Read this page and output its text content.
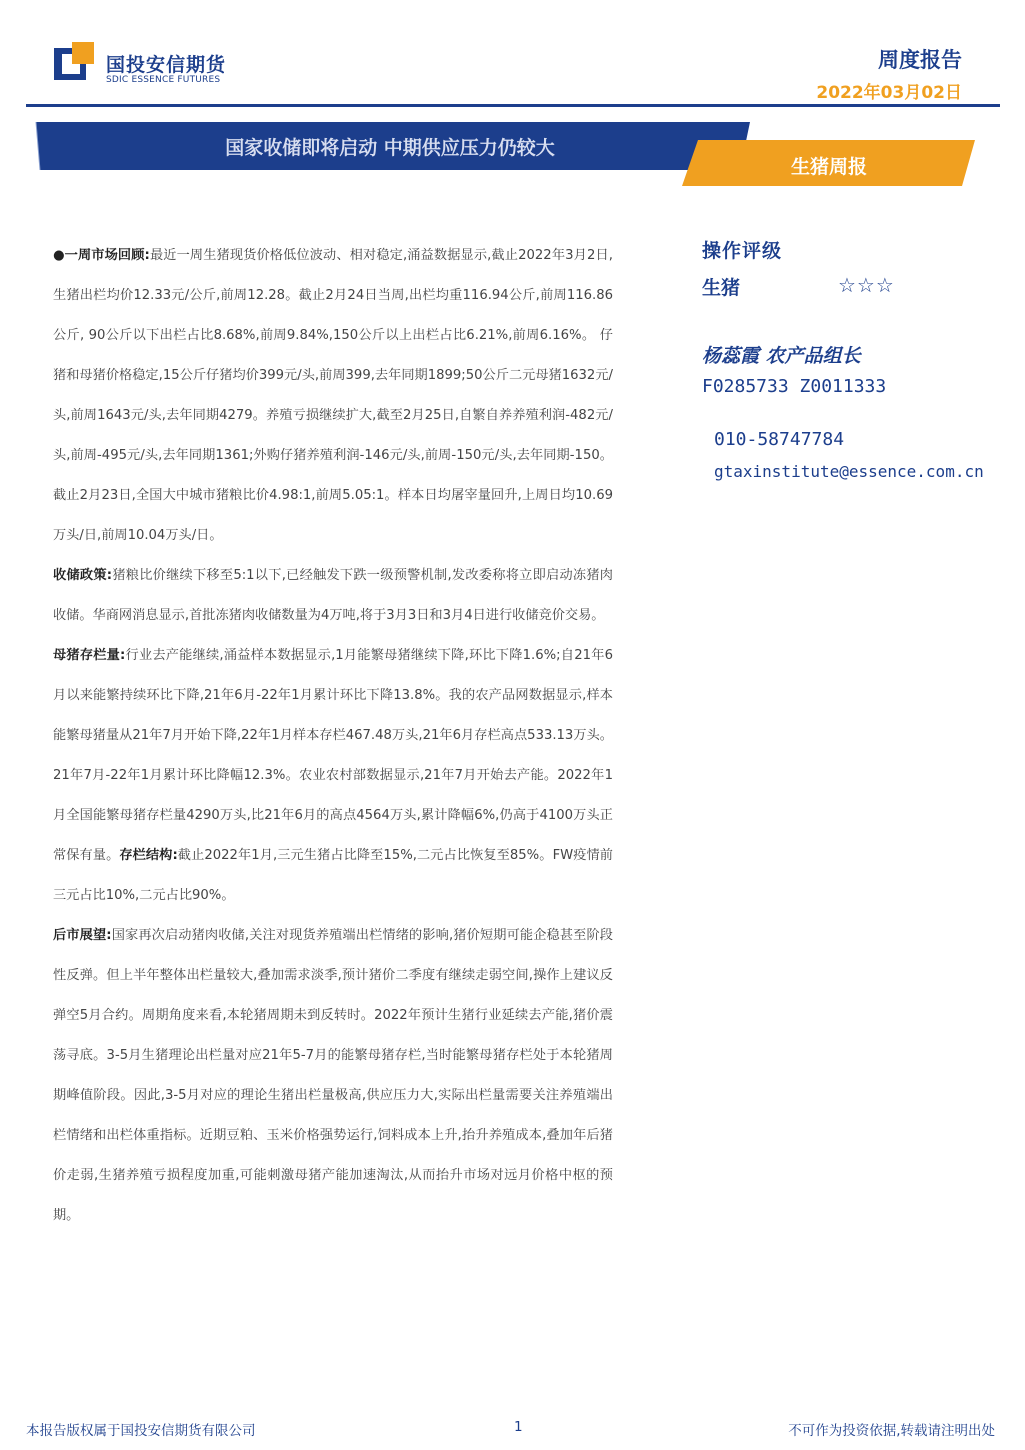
国投安信期货
SDIC ESSENCE FUTURES
周度报告
2022年03月02日
国家收储即将启动 中期供应压力仍较大
生猪周报

●一周市场回顾:最近一周生猪现货价格低位波动、相对稳定,涌益数据显示,截止2022年3月2日,生猪出栏均价12.33元/公斤,前周12.28。截止2月24日当周,出栏均重116.94公斤,前周116.86公斤, 90公斤以下出栏占比8.68%,前周9.84%,150公斤以上出栏占比6.21%,前周6.16%。 仔猪和母猪价格稳定,15公斤仔猪均价399元/头,前周399,去年同期1899;50公斤二元母猪1632元/头,前周1643元/头,去年同期4279。养殖亏损继续扩大,截至2月25日,自繁自养养殖利润-482元/头,前周-495元/头,去年同期1361;外购仔猪养殖利润-146元/头,前周-150元/头,去年同期-150。截止2月23日,全国大中城市猪粮比价4.98:1,前周5.05:1。样本日均屠宰量回升,上周日均10.69万头/日,前周10.04万头/日。

收储政策:猪粮比价继续下移至5:1以下,已经触发下跌一级预警机制,发改委称将立即启动冻猪肉收储。华商网消息显示,首批冻猪肉收储数量为4万吨,将于3月3日和3月4日进行收储竞价交易。

母猪存栏量:行业去产能继续,涌益样本数据显示,1月能繁母猪继续下降,环比下降1.6%;自21年6月以来能繁持续环比下降,21年6月-22年1月累计环比下降13.8%。我的农产品网数据显示,样本能繁母猪量从21年7月开始下降,22年1月样本存栏467.48万头,21年6月存栏高点533.13万头。21年7月-22年1月累计环比降幅12.3%。农业农村部数据显示,21年7月开始去产能。2022年1月全国能繁母猪存栏量4290万头,比21年6月的高点4564万头,累计降幅6%,仍高于4100万头正常保有量。存栏结构:截止2022年1月,三元生猪占比降至15%,二元占比恢复至85%。FW疫情前三元占比10%,二元占比90%。

后市展望:国家再次启动猪肉收储,关注对现货养殖端出栏情绪的影响,猪价短期可能企稳甚至阶段性反弹。但上半年整体出栏量较大,叠加需求淡季,预计猪价二季度有继续走弱空间,操作上建议反弹空5月合约。周期角度来看,本轮猪周期未到反转时。2022年预计生猪行业延续去产能,猪价震荡寻底。3-5月生猪理论出栏量对应21年5-7月的能繁母猪存栏,当时能繁母猪存栏处于本轮猪周期峰值阶段。因此,3-5月对应的理论生猪出栏量极高,供应压力大,实际出栏量需要关注养殖端出栏情绪和出栏体重指标。近期豆粕、玉米价格强势运行,饲料成本上升,抬升养殖成本,叠加年后猪价走弱,生猪养殖亏损程度加重,可能刺激母猪产能加速淘汰,从而抬升市场对远月价格中枢的预期。

操作评级
生猪	☆☆☆
杨蕊霞 农产品组长
F0285733 Z0011333
010-58747784
gtaxinstitute@essence.com.cn
本报告版权属于国投安信期货有限公司	1	不可作为投资依据,转载请注明出处
